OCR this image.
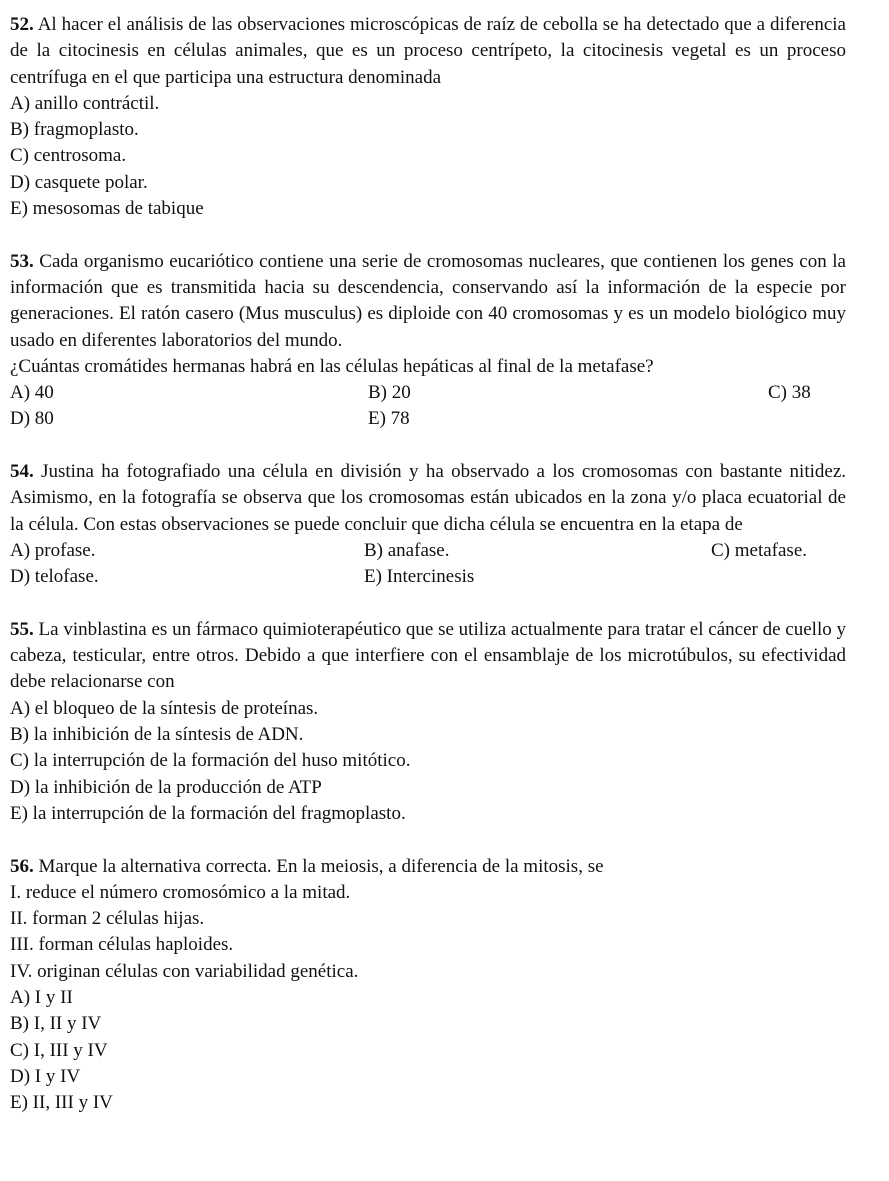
52. Al hacer el análisis de las observaciones microscópicas de raíz de cebolla se ha detectado que a diferencia de la citocinesis en células animales, que es un proceso centrípeto, la citocinesis vegetal es un proceso centrífuga en el que participa una estructura denominada

A) anillo contráctil.
B) fragmoplasto.
C) centrosoma.
D) casquete polar.
E) mesosomas de tabique

53. Cada organismo eucariótico contiene una serie de cromosomas nucleares, que contienen los genes con la información que es transmitida hacia su descendencia, conservando así la información de la especie por generaciones. El ratón casero (Mus musculus) es diploide con 40 cromosomas y es un modelo biológico muy usado en diferentes laboratorios del mundo.

¿Cuántas cromátides hermanas habrá en las células hepáticas al final de la metafase?
A) 40	B) 20	C) 38
D) 80	E) 78

54. Justina ha fotografiado una célula en división y ha observado a los cromosomas con bastante nitidez. Asimismo, en la fotografía se observa que los cromosomas están ubicados en la zona y/o placa ecuatorial de la célula. Con estas observaciones se puede concluir que dicha célula se encuentra en la etapa de

A) profase.	B) anafase.	C) metafase.
D) telofase.	E) Intercinesis

55. La vinblastina es un fármaco quimioterapéutico que se utiliza actualmente para tratar el cáncer de cuello y cabeza, testicular, entre otros. Debido a que interfiere con el ensamblaje de los microtúbulos, su efectividad debe relacionarse con

A) el bloqueo de la síntesis de proteínas.
B) la inhibición de la síntesis de ADN.
C) la interrupción de la formación del huso mitótico.
D) la inhibición de la producción de ATP
E) la interrupción de la formación del fragmoplasto.

56. Marque la alternativa correcta. En la meiosis, a diferencia de la mitosis, se

I. reduce el número cromosómico a la mitad.
II. forman 2 células hijas.
III. forman células haploides.
IV. originan células con variabilidad genética.
A) I y II
B) I, II y IV
C) I, III y IV
D) I y IV
E) II, III y IV
